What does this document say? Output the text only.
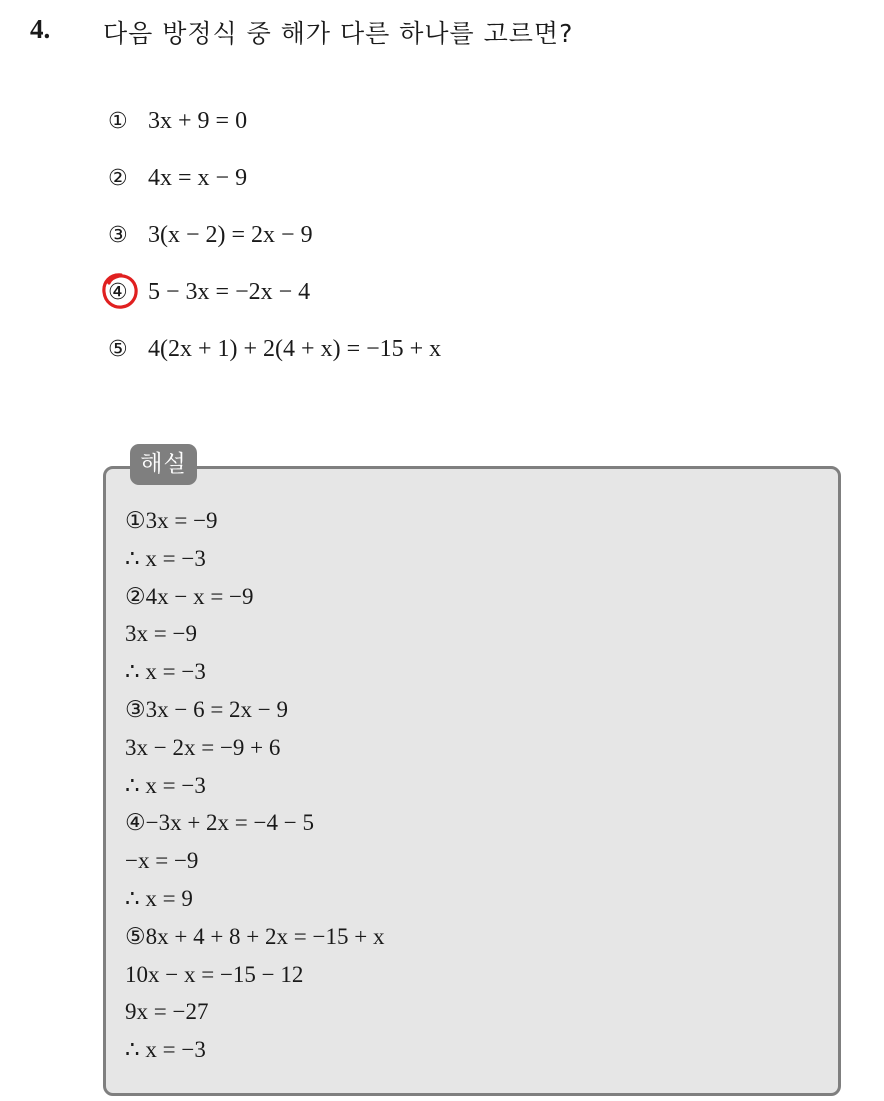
4. 다음 방정식 중 해가 다른 하나를 고르면?
① 3x + 9 = 0
② 4x = x − 9
③ 3(x − 2) = 2x − 9
④ 5 − 3x = −2x − 4
⑤ 4(2x + 1) + 2(4 + x) = −15 + x
해설
①3x = −9
∴ x = −3
②4x − x = −9
3x = −9
∴ x = −3
③3x − 6 = 2x − 9
3x − 2x = −9 + 6
∴ x = −3
④−3x + 2x = −4 − 5
−x = −9
∴ x = 9
⑤8x + 4 + 8 + 2x = −15 + x
10x − x = −15 − 12
9x = −27
∴ x = −3
